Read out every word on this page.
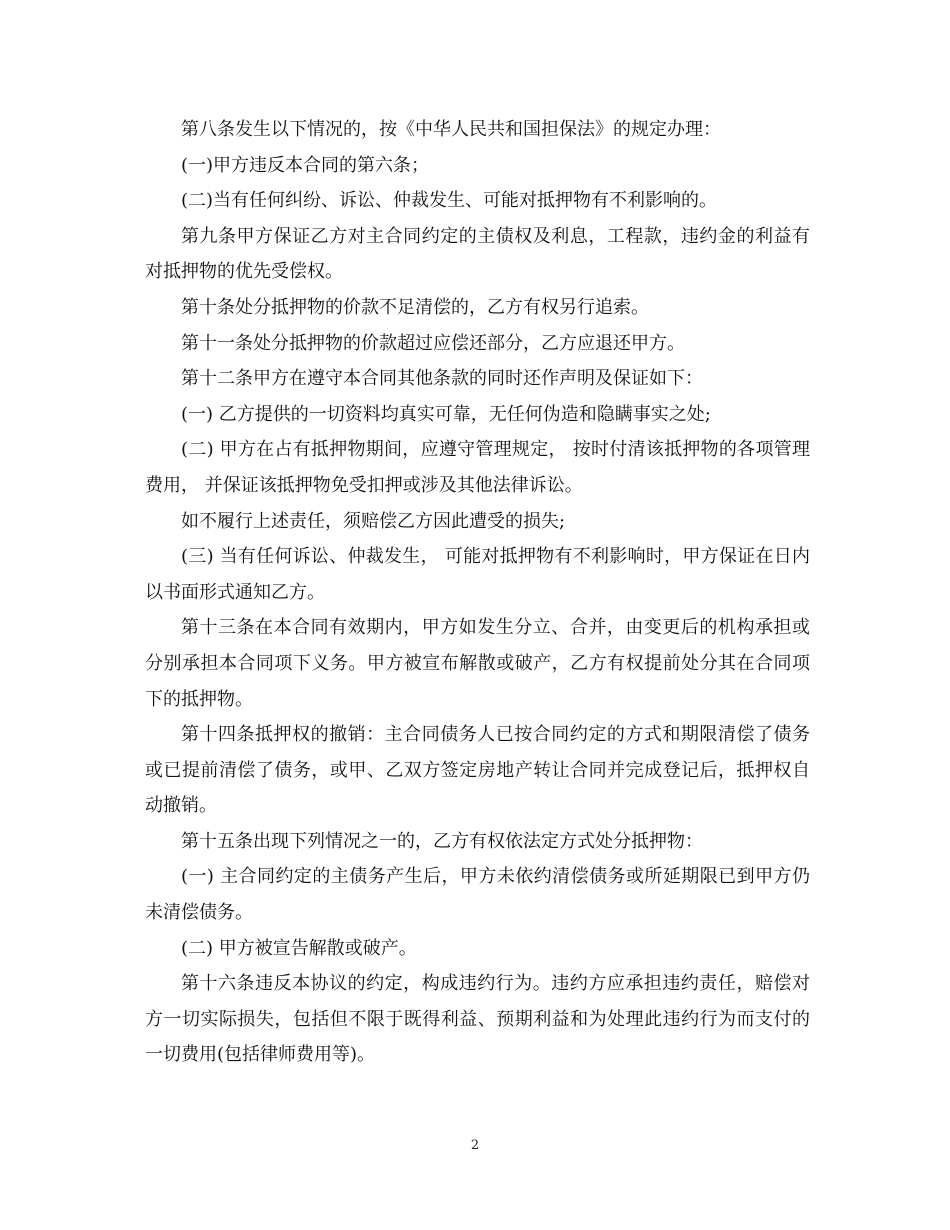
第八条发生以下情况的，按《中华人民共和国担保法》的规定办理：

(一)甲方违反本合同的第六条；

(二)当有任何纠纷、诉讼、仲裁发生、可能对抵押物有不利影响的。

第九条甲方保证乙方对主合同约定的主债权及利息，工程款，违约金的利益有对抵押物的优先受偿权。

第十条处分抵押物的价款不足清偿的，乙方有权另行追索。

第十一条处分抵押物的价款超过应偿还部分，乙方应退还甲方。

第十二条甲方在遵守本合同其他条款的同时还作声明及保证如下：

(一) 乙方提供的一切资料均真实可靠，无任何伪造和隐瞒事实之处;

(二) 甲方在占有抵押物期间，应遵守管理规定， 按时付清该抵押物的各项管理费用， 并保证该抵押物免受扣押或涉及其他法律诉讼。

如不履行上述责任，须赔偿乙方因此遭受的损失;

(三) 当有任何诉讼、仲裁发生， 可能对抵押物有不利影响时，甲方保证在日内以书面形式通知乙方。

第十三条在本合同有效期内，甲方如发生分立、合并，由变更后的机构承担或分别承担本合同项下义务。甲方被宣布解散或破产，乙方有权提前处分其在合同项下的抵押物。

第十四条抵押权的撤销：主合同债务人已按合同约定的方式和期限清偿了债务或已提前清偿了债务，或甲、乙双方签定房地产转让合同并完成登记后，抵押权自动撤销。

第十五条出现下列情况之一的，乙方有权依法定方式处分抵押物：

(一) 主合同约定的主债务产生后，甲方未依约清偿债务或所延期限已到甲方仍未清偿债务。

(二) 甲方被宣告解散或破产。

第十六条违反本协议的约定，构成违约行为。违约方应承担违约责任，赔偿对方一切实际损失，包括但不限于既得利益、预期利益和为处理此违约行为而支付的一切费用(包括律师费用等)。

2
